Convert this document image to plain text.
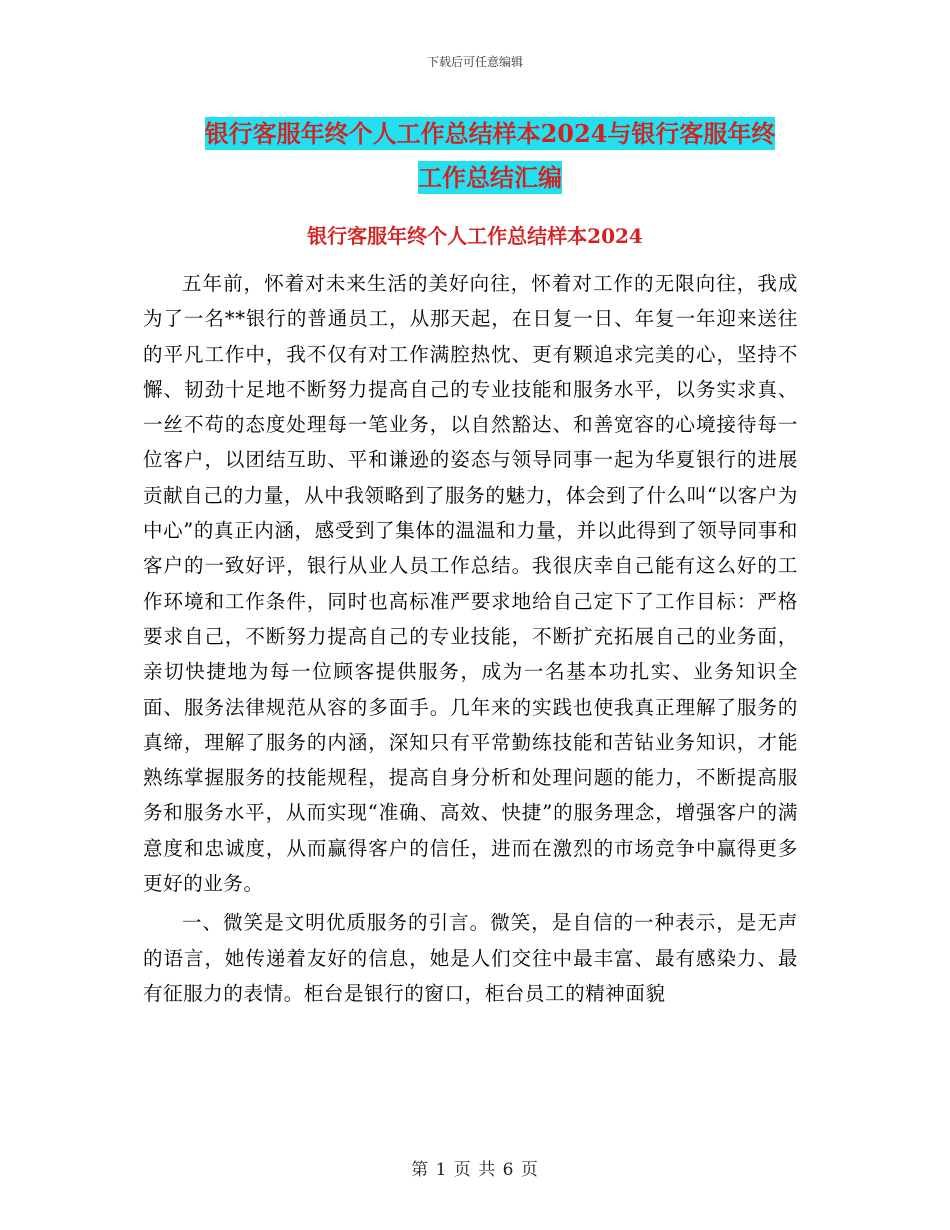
下载后可任意编辑
银行客服年终个人工作总结样本2024与银行客服年终
工作总结汇编
银行客服年终个人工作总结样本2024

五年前，怀着对未来生活的美好向往，怀着对工作的无限向往，我成为了一名**银行的普通员工，从那天起，在日复一日、年复一年迎来送往的平凡工作中，我不仅有对工作满腔热忱、更有颗追求完美的心，坚持不懈、韧劲十足地不断努力提高自己的专业技能和服务水平，以务实求真、一丝不苟的态度处理每一笔业务，以自然豁达、和善宽容的心境接待每一位客户，以团结互助、平和谦逊的姿态与领导同事一起为华夏银行的进展贡献自己的力量，从中我领略到了服务的魅力，体会到了什么叫“以客户为中心”的真正内涵，感受到了集体的温温和力量，并以此得到了领导同事和客户的一致好评，银行从业人员工作总结。我很庆幸自己能有这么好的工作环境和工作条件，同时也高标准严要求地给自己定下了工作目标：严格要求自己，不断努力提高自己的专业技能，不断扩充拓展自己的业务面，亲切快捷地为每一位顾客提供服务，成为一名基本功扎实、业务知识全面、服务法律规范从容的多面手。几年来的实践也使我真正理解了服务的真缔，理解了服务的内涵，深知只有平常勤练技能和苦钻业务知识，才能熟练掌握服务的技能规程，提高自身分析和处理问题的能力，不断提高服务和服务水平，从而实现“准确、高效、快捷”的服务理念，增强客户的满意度和忠诚度，从而赢得客户的信任，进而在激烈的市场竞争中赢得更多更好的业务。

一、微笑是文明优质服务的引言。微笑，是自信的一种表示，是无声的语言，她传递着友好的信息，她是人们交往中最丰富、最有感染力、最有征服力的表情。柜台是银行的窗口，柜台员工的精神面貌

第 1 页 共 6 页
